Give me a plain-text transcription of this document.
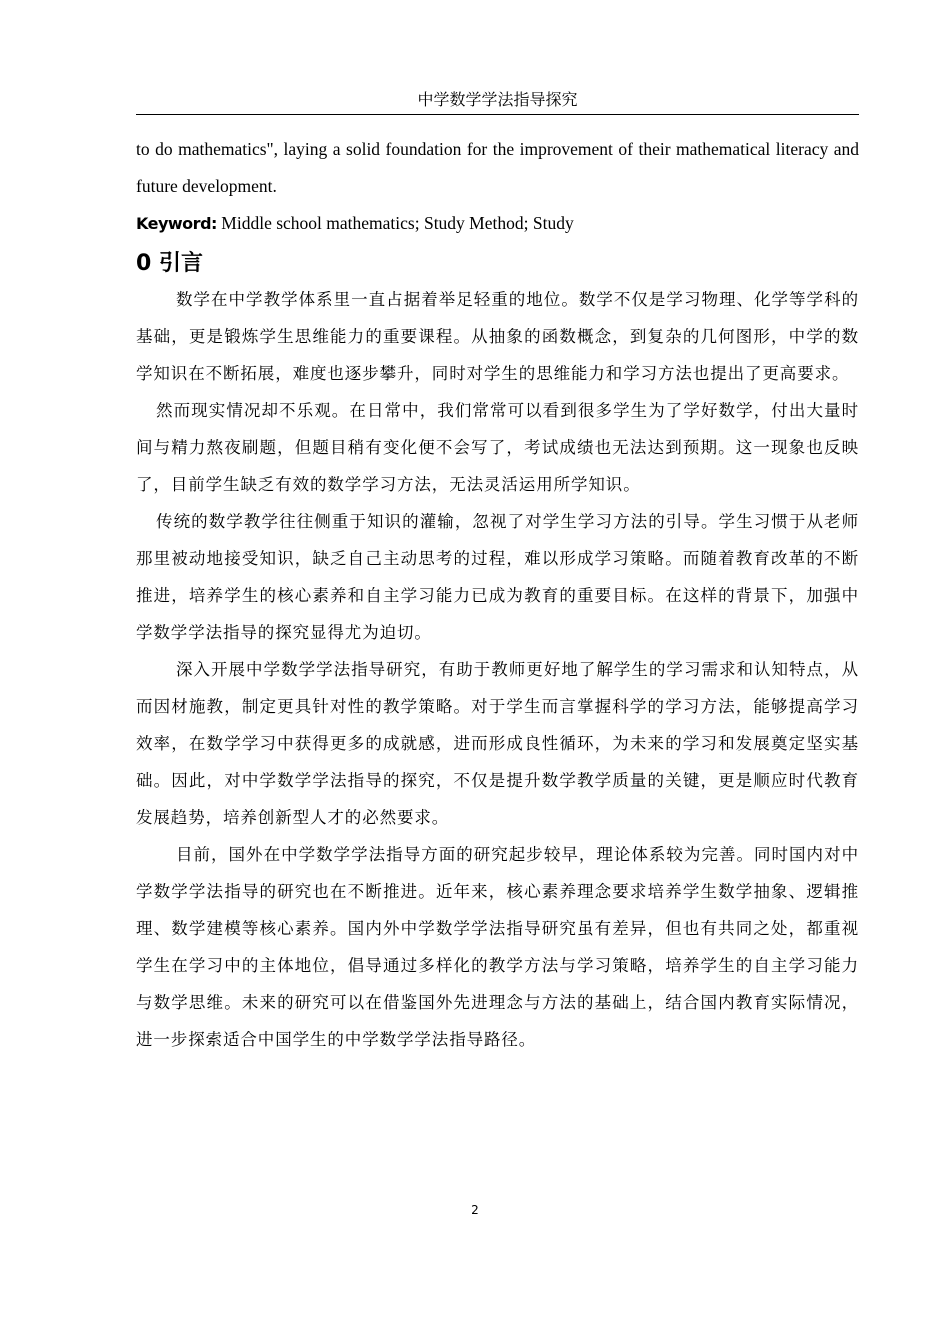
中学数学学法指导探究

to do mathematics", laying a solid foundation for the improvement of their mathematical literacy and future development.

Keyword: Middle school mathematics; Study Method; Study

0 引言

数学在中学教学体系里一直占据着举足轻重的地位。数学不仅是学习物理、化学等学科的基础，更是锻炼学生思维能力的重要课程。从抽象的函数概念，到复杂的几何图形，中学的数学知识在不断拓展，难度也逐步攀升，同时对学生的思维能力和学习方法也提出了更高要求。

然而现实情况却不乐观。在日常中，我们常常可以看到很多学生为了学好数学，付出大量时间与精力熬夜刷题，但题目稍有变化便不会写了，考试成绩也无法达到预期。这一现象也反映了，目前学生缺乏有效的数学学习方法，无法灵活运用所学知识。

传统的数学教学往往侧重于知识的灌输，忽视了对学生学习方法的引导。学生习惯于从老师那里被动地接受知识，缺乏自己主动思考的过程，难以形成学习策略。而随着教育改革的不断推进，培养学生的核心素养和自主学习能力已成为教育的重要目标。在这样的背景下，加强中学数学学法指导的探究显得尤为迫切。

深入开展中学数学学法指导研究，有助于教师更好地了解学生的学习需求和认知特点，从而因材施教，制定更具针对性的教学策略。对于学生而言掌握科学的学习方法，能够提高学习效率，在数学学习中获得更多的成就感，进而形成良性循环，为未来的学习和发展奠定坚实基础。因此，对中学数学学法指导的探究，不仅是提升数学教学质量的关键，更是顺应时代教育发展趋势，培养创新型人才的必然要求。

目前，国外在中学数学学法指导方面的研究起步较早，理论体系较为完善。同时国内对中学数学学法指导的研究也在不断推进。近年来，核心素养理念要求培养学生数学抽象、逻辑推理、数学建模等核心素养。国内外中学数学学法指导研究虽有差异，但也有共同之处，都重视学生在学习中的主体地位，倡导通过多样化的教学方法与学习策略，培养学生的自主学习能力与数学思维。未来的研究可以在借鉴国外先进理念与方法的基础上，结合国内教育实际情况，进一步探索适合中国学生的中学数学学法指导路径。

2
